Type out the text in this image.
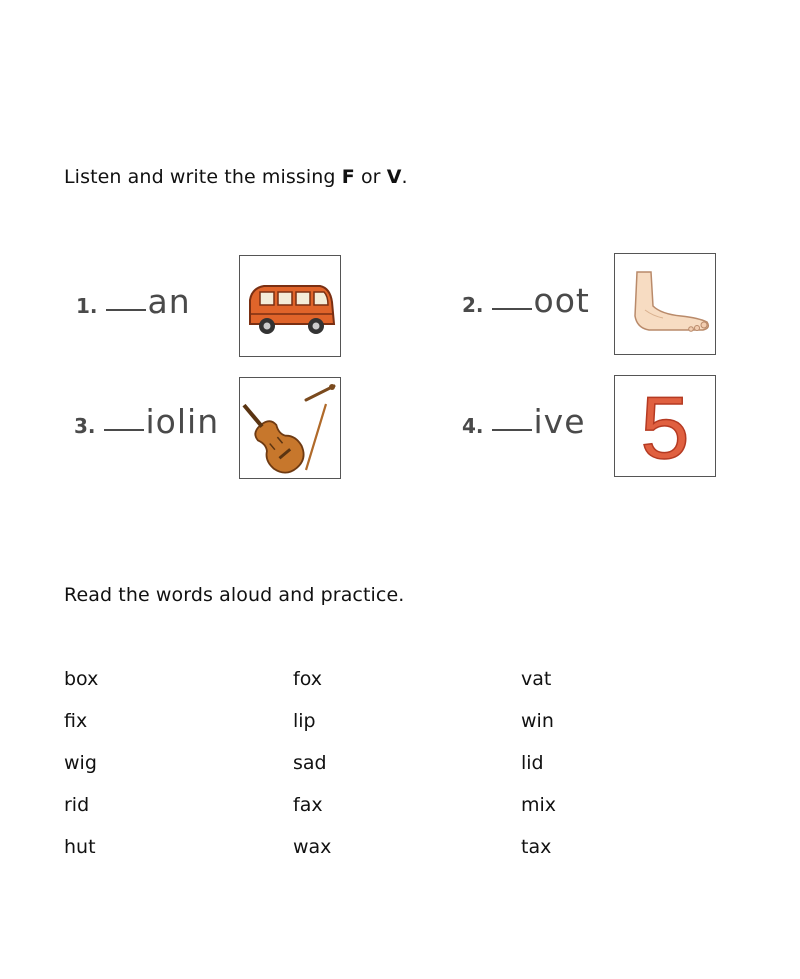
Listen and write the missing F or V.
1. an	2. oot
3. iolin	4. ive 5
Read the words aloud and practice.
box	fox	vat
fix	lip	win
wig	sad	lid
rid	fax	mix
hut	wax	tax
